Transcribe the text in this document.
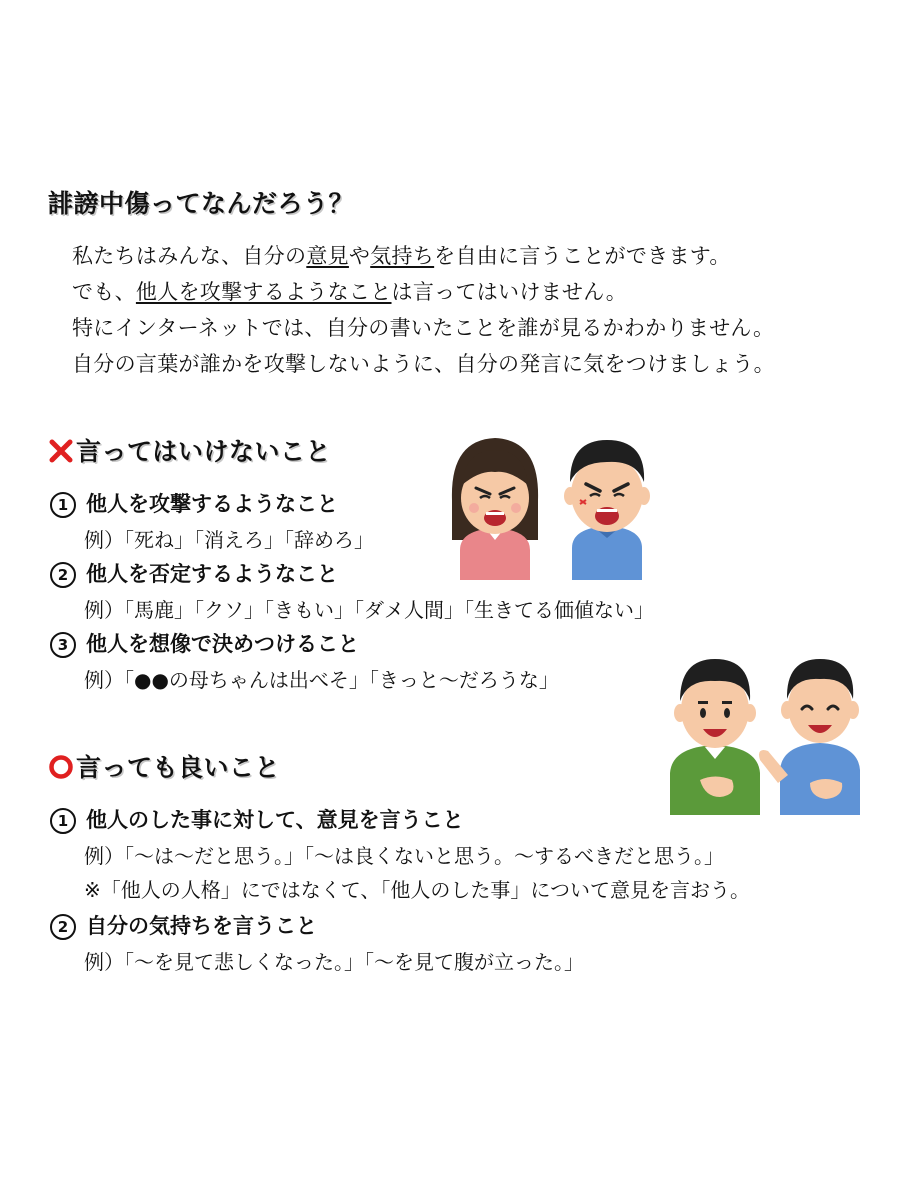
誹謗中傷ってなんだろう？
私たちはみんな、自分の意見や気持ちを自由に言うことができます。
でも、他人を攻撃するようなことは言ってはいけません。
特にインターネットでは、自分の書いたことを誰が見るかわかりません。
自分の言葉が誰かを攻撃しないように、自分の発言に気をつけましょう。
言ってはいけないこと
1 他人を攻撃するようなこと
例）「死ね」「消えろ」「辞めろ」
2 他人を否定するようなこと
例）「馬鹿」「クソ」「きもい」「ダメ人間」「生きてる価値ない」
3 他人を想像で決めつけること
例）「●●の母ちゃんは出べそ」「きっと～だろうな」
言っても良いこと
1 他人のした事に対して、意見を言うこと
例）「～は～だと思う。」「～は良くないと思う。～するべきだと思う。」
※「他人の人格」にではなくて、「他人のした事」について意見を言おう。
2 自分の気持ちを言うこと
例）「～を見て悲しくなった。」「～を見て腹が立った。」
